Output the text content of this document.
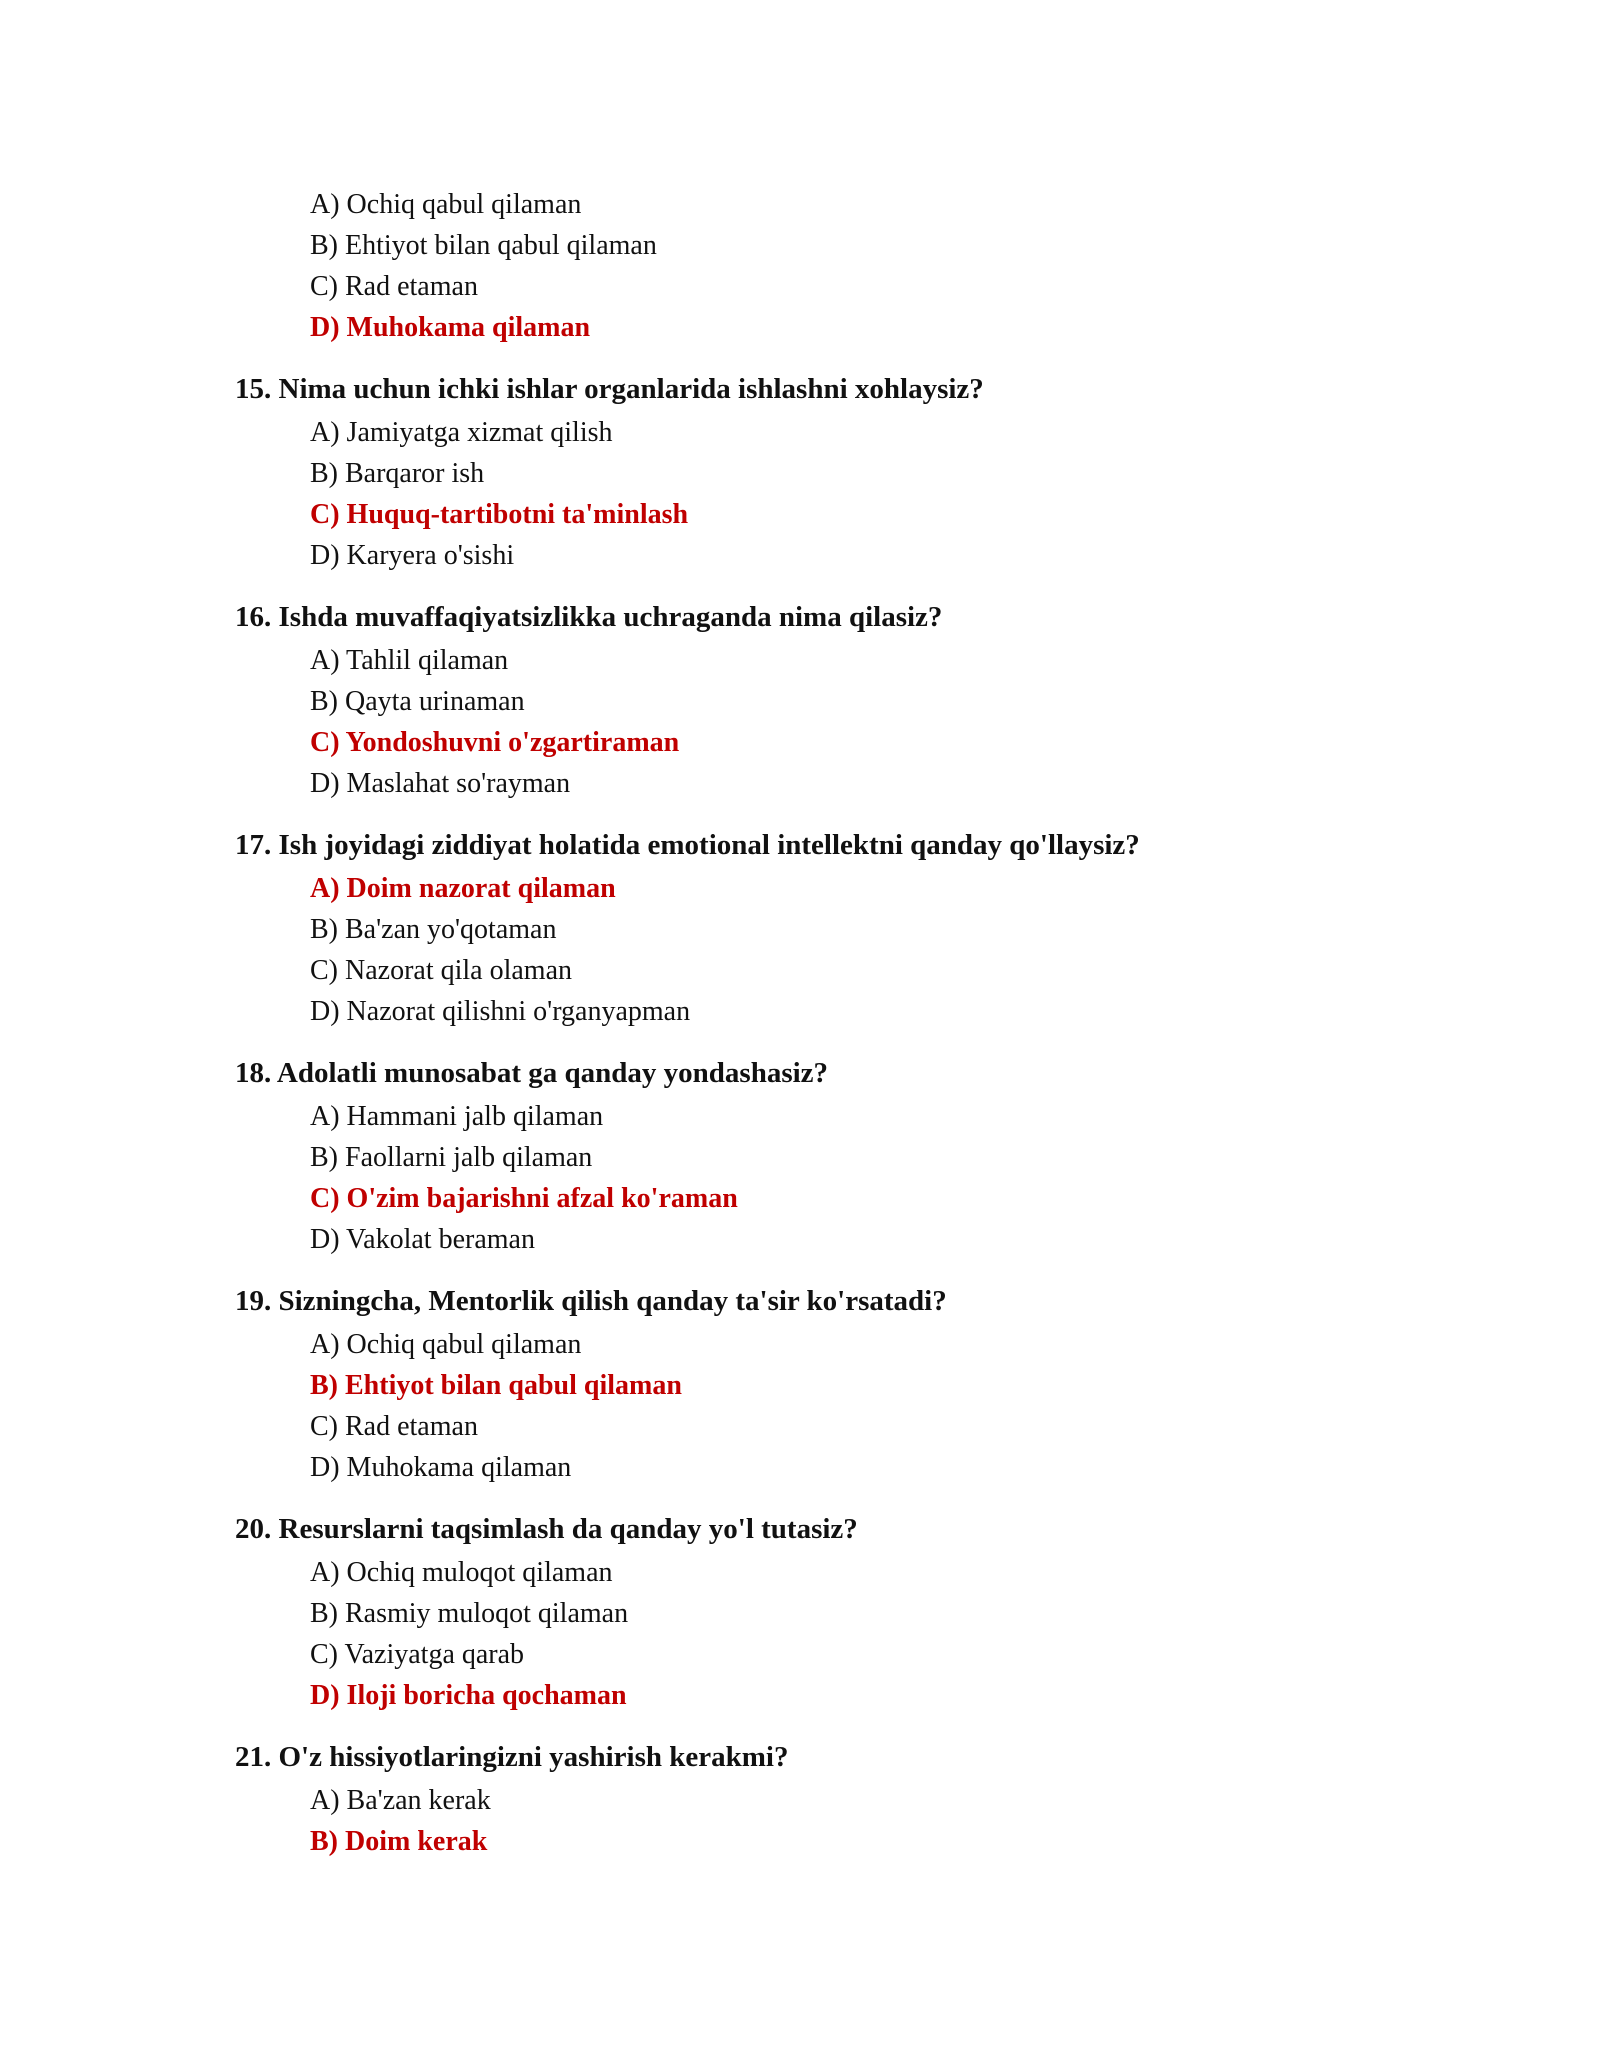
A) Ochiq qabul qilaman
B) Ehtiyot bilan qabul qilaman
C) Rad etaman
D) Muhokama qilaman
15. Nima uchun ichki ishlar organlarida ishlashni xohlaysiz?
A) Jamiyatga xizmat qilish
B) Barqaror ish
C) Huquq-tartibotni ta'minlash
D) Karyera o'sishi
16. Ishda muvaffaqiyatsizlikka uchraganda nima qilasiz?
A) Tahlil qilaman
B) Qayta urinaman
C) Yondoshuvni o'zgartiraman
D) Maslahat so'rayman
17. Ish joyidagi ziddiyat holatida emotional intellektni qanday qo'llaysiz?
A) Doim nazorat qilaman
B) Ba'zan yo'qotaman
C) Nazorat qila olaman
D) Nazorat qilishni o'rganyapman
18. Adolatli munosabat ga qanday yondashasiz?
A) Hammani jalb qilaman
B) Faollarni jalb qilaman
C) O'zim bajarishni afzal ko'raman
D) Vakolat beraman
19. Sizningcha, Mentorlik qilish qanday ta'sir ko'rsatadi?
A) Ochiq qabul qilaman
B) Ehtiyot bilan qabul qilaman
C) Rad etaman
D) Muhokama qilaman
20. Resurslarni taqsimlash da qanday yo'l tutasiz?
A) Ochiq muloqot qilaman
B) Rasmiy muloqot qilaman
C) Vaziyatga qarab
D) Iloji boricha qochaman
21. O'z hissiyotlaringizni yashirish kerakmi?
A) Ba'zan kerak
B) Doim kerak
